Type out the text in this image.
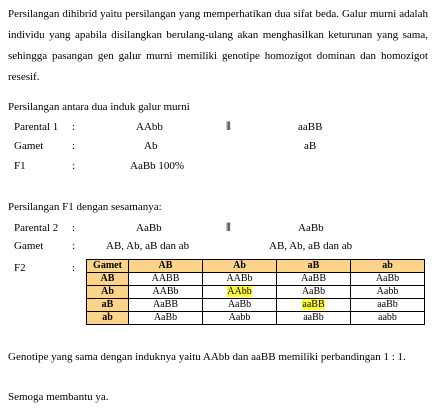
Persilangan dihibrid yaitu persilangan yang memperhatikan dua sifat beda. Galur murni adalah
individu yang apabila disilangkan berulang-ulang akan menghasilkan keturunan yang sama,
sehingga pasangan gen galur murni memiliki genotipe homozigot dominan dan homozigot
resesif.
Persilangan antara dua induk galur murni
Parental 1 :	AAbb	⦀	aaBB
Gamet	:	Ab	aB
F1	:	AaBb 100%
Persilangan F1 dengan sesamanya:
Parental 2 :	AaBb	⦀	AaBb
Gamet	:	AB, Ab, aB dan ab	AB, Ab, aB dan ab
F2	: Gamet	AB	Ab	aB	ab
AB	AABB	AABb	AaBB	AaBb
Ab	AABb	AAbb	AaBb	Aabb
aB	AaBB	AaBb	aaBB	aaBb
ab	AaBb	Aabb	aaBb	aabb
Genotipe yang sama dengan induknya yaitu AAbb dan aaBB memiliki perbandingan 1 : 1.
Semoga membantu ya.
